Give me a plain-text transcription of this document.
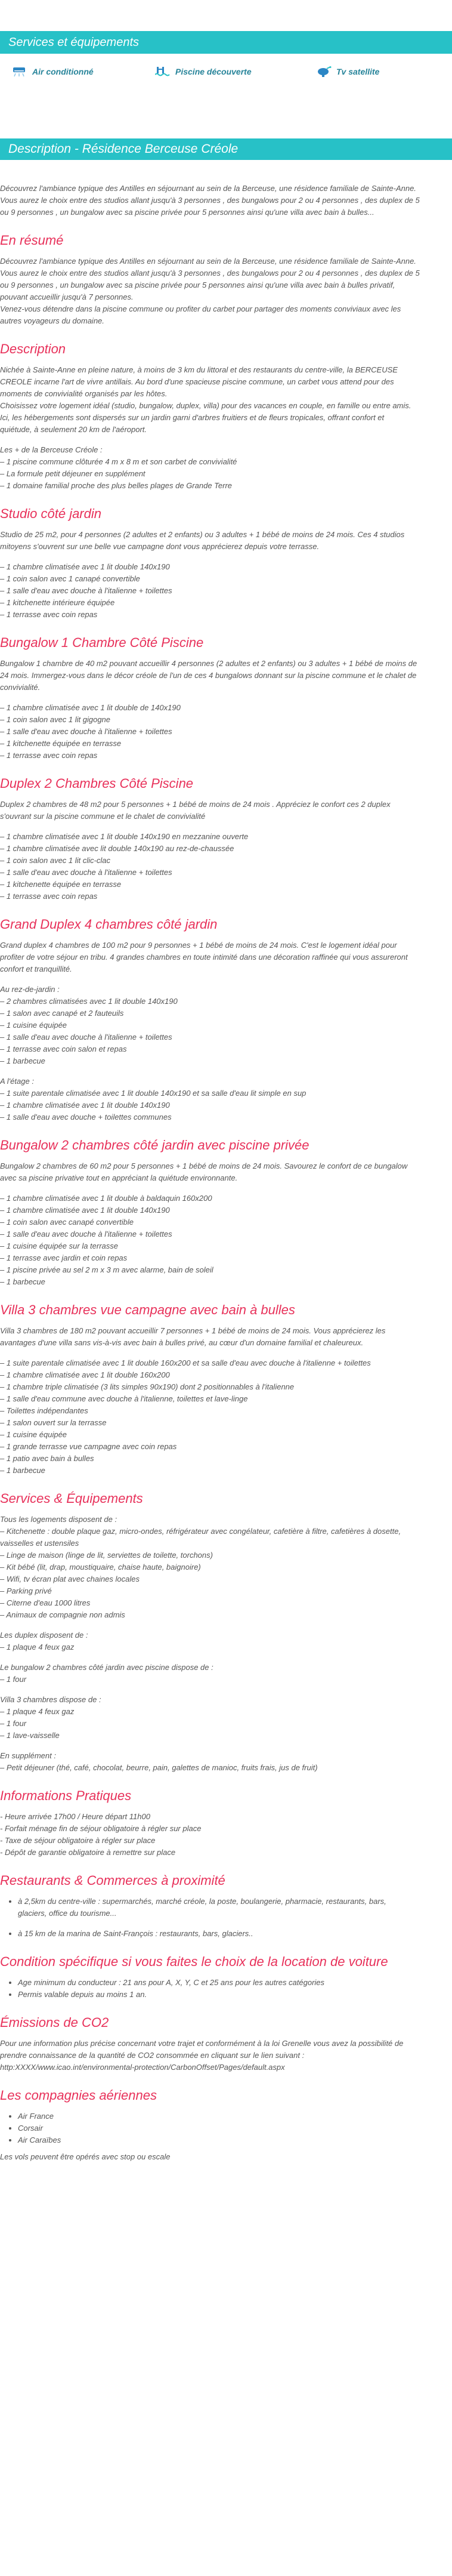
Services et équipements
Air conditionné	Piscine découverte	Tv satellite
Description - Résidence Berceuse Créole

Découvrez l'ambiance typique des Antilles en séjournant au sein de la Berceuse, une résidence familiale de Sainte-Anne.

Vous aurez le choix entre des studios allant jusqu'à 3 personnes , des bungalows pour 2 ou 4 personnes , des duplex de 5

ou 9 personnes , un bungalow avec sa piscine privée pour 5 personnes ainsi qu'une villa avec bain à bulles...

En résumé

Découvrez l'ambiance typique des Antilles en séjournant au sein de la Berceuse, une résidence familiale de Sainte-Anne.

Vous aurez le choix entre des studios allant jusqu'à 3 personnes , des bungalows pour 2 ou 4 personnes , des duplex de 5

ou 9 personnes , un bungalow avec sa piscine privée pour 5 personnes ainsi qu'une villa avec bain à bulles privatif,

pouvant accueillir jusqu'à 7 personnes.

Venez-vous détendre dans la piscine commune ou profiter du carbet pour partager des moments conviviaux avec les

autres voyageurs du domaine.

Description

Nichée à Sainte-Anne en pleine nature, à moins de 3 km du littoral et des restaurants du centre-ville, la BERCEUSE

CREOLE incarne l'art de vivre antillais. Au bord d'une spacieuse piscine commune, un carbet vous attend pour des

moments de convivialité organisés par les hôtes.

Choisissez votre logement idéal (studio, bungalow, duplex, villa) pour des vacances en couple, en famille ou entre amis.

Ici, les hébergements sont dispersés sur un jardin garni d'arbres fruitiers et de fleurs tropicales, offrant confort et

quiétude, à seulement 20 km de l'aéroport.

Les + de la Berceuse Créole :

– 1 piscine commune clôturée 4 m x 8 m et son carbet de convivialité

– La formule petit déjeuner en supplément

– 1 domaine familial proche des plus belles plages de Grande Terre

Studio côté jardin

Studio de 25 m2, pour 4 personnes (2 adultes et 2 enfants) ou 3 adultes + 1 bébé de moins de 24 mois. Ces 4 studios

mitoyens s'ouvrent sur une belle vue campagne dont vous apprécierez depuis votre terrasse.

– 1 chambre climatisée avec 1 lit double 140x190

– 1 coin salon avec 1 canapé convertible

– 1 salle d'eau avec douche à l'italienne + toilettes

– 1 kitchenette intérieure équipée

– 1 terrasse avec coin repas

Bungalow 1 Chambre Côté Piscine

Bungalow 1 chambre de 40 m2 pouvant accueillir 4 personnes (2 adultes et 2 enfants) ou 3 adultes + 1 bébé de moins de

24 mois. Immergez-vous dans le décor créole de l'un de ces 4 bungalows donnant sur la piscine commune et le chalet de

convivialité.

– 1 chambre climatisée avec 1 lit double de 140x190

– 1 coin salon avec 1 lit gigogne

– 1 salle d'eau avec douche à l'italienne + toilettes

– 1 kitchenette équipée en terrasse

– 1 terrasse avec coin repas

Duplex 2 Chambres Côté Piscine

Duplex 2 chambres de 48 m2 pour 5 personnes + 1 bébé de moins de 24 mois . Appréciez le confort ces 2 duplex

s'ouvrant sur la piscine commune et le chalet de convivialité

– 1 chambre climatisée avec 1 lit double 140x190 en mezzanine ouverte

– 1 chambre climatisée avec lit double 140x190 au rez-de-chaussée

– 1 coin salon avec 1 lit clic-clac

– 1 salle d'eau avec douche à l'italienne + toilettes

– 1 kitchenette équipée en terrasse

– 1 terrasse avec coin repas

Grand Duplex 4 chambres côté jardin

Grand duplex 4 chambres de 100 m2 pour 9 personnes + 1 bébé de moins de 24 mois. C'est le logement idéal pour

profiter de votre séjour en tribu. 4 grandes chambres en toute intimité dans une décoration raffinée qui vous assureront

confort et tranquillité.

Au rez-de-jardin :

– 2 chambres climatisées avec 1 lit double 140x190

– 1 salon avec canapé et 2 fauteuils

– 1 cuisine équipée

– 1 salle d'eau avec douche à l'italienne + toilettes

– 1 terrasse avec coin salon et repas

– 1 barbecue

A l'étage :

– 1 suite parentale climatisée avec 1 lit double 140x190 et sa salle d'eau lit simple en sup

– 1 chambre climatisée avec 1 lit double 140x190

– 1 salle d'eau avec douche + toilettes communes

Bungalow 2 chambres côté jardin avec piscine privée

Bungalow 2 chambres de 60 m2 pour 5 personnes + 1 bébé de moins de 24 mois. Savourez le confort de ce bungalow

avec sa piscine privative tout en appréciant la quiétude environnante.

– 1 chambre climatisée avec 1 lit double à baldaquin 160x200

– 1 chambre climatisée avec 1 lit double 140x190

– 1 coin salon avec canapé convertible

– 1 salle d'eau avec douche à l'italienne + toilettes

– 1 cuisine équipée sur la terrasse

– 1 terrasse avec jardin et coin repas

– 1 piscine privée au sel 2 m x 3 m avec alarme, bain de soleil

– 1 barbecue

Villa 3 chambres vue campagne avec bain à bulles

Villa 3 chambres de 180 m2 pouvant accueillir 7 personnes + 1 bébé de moins de 24 mois. Vous apprécierez les

avantages d'une villa sans vis-à-vis avec bain à bulles privé, au cœur d'un domaine familial et chaleureux.

– 1 suite parentale climatisée avec 1 lit double 160x200 et sa salle d'eau avec douche à l'italienne + toilettes

– 1 chambre climatisée avec 1 lit double 160x200

– 1 chambre triple climatisée (3 lits simples 90x190) dont 2 positionnables à l'italienne

– 1 salle d'eau commune avec douche à l'italienne, toilettes et lave-linge

– Toilettes indépendantes

– 1 salon ouvert sur la terrasse

– 1 cuisine équipée

– 1 grande terrasse vue campagne avec coin repas

– 1 patio avec bain à bulles

– 1 barbecue

Services & Équipements

Tous les logements disposent de :

– Kitchenette : double plaque gaz, micro-ondes, réfrigérateur avec congélateur, cafetière à filtre, cafetières à dosette,

vaisselles et ustensiles

– Linge de maison (linge de lit, serviettes de toilette, torchons)

– Kit bébé (lit, drap, moustiquaire, chaise haute, baignoire)

– Wifi, tv écran plat avec chaines locales

– Parking privé

– Citerne d'eau 1000 litres

– Animaux de compagnie non admis

Les duplex disposent de :

– 1 plaque 4 feux gaz

Le bungalow 2 chambres côté jardin avec piscine dispose de :

– 1 four

Villa 3 chambres dispose de :

– 1 plaque 4 feux gaz

– 1 four

– 1 lave-vaisselle

En supplément :

– Petit déjeuner (thé, café, chocolat, beurre, pain, galettes de manioc, fruits frais, jus de fruit)

Informations Pratiques

- Heure arrivée 17h00 / Heure départ 11h00

- Forfait ménage fin de séjour obligatoire à régler sur place

- Taxe de séjour obligatoire à régler sur place

- Dépôt de garantie obligatoire à remettre sur place

Restaurants & Commerces à proximité
• à 2,5km du centre-ville : supermarchés, marché créole, la poste, boulangerie, pharmacie, restaurants, bars,
glaciers, office du tourisme...
• à 15 km de la marina de Saint-François : restaurants, bars, glaciers..
Condition spécifique si vous faites le choix de la location de voiture
• Age minimum du conducteur : 21 ans pour A, X, Y, C et 25 ans pour les autres catégories
• Permis valable depuis au moins 1 an.
Émissions de CO2

Pour une information plus précise concernant votre trajet et conformément à la loi Grenelle vous avez la possibilité de

prendre connaissance de la quantité de CO2 consommée en cliquant sur le lien suivant :

http:XXXX/www.icao.int/environmental-protection/CarbonOffset/Pages/default.aspx

Les compagnies aériennes
• Air France
• Corsair
• Air Caraïbes

Les vols peuvent être opérés avec stop ou escale
